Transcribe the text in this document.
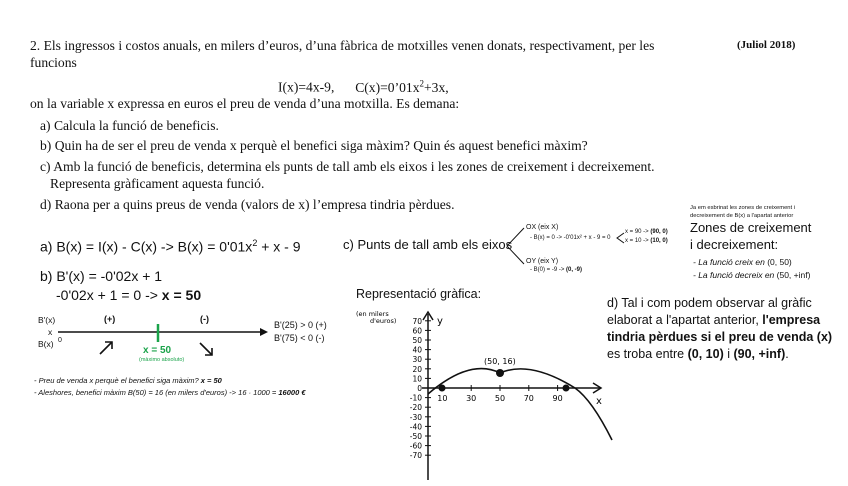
2. Els ingressos i costos anuals, en milers d’euros, d’una fàbrica de motxilles venen donats, respectivament, per les
funcions
(Juliol 2018)
I(x)=4x-9, $C(x)=0’01x^2+3x$,
on la variable x expressa en euros el preu de venda d’una motxilla. Es demana:
a) Calcula la funció de beneficis.
b) Quin ha de ser el preu de venda x perquè el benefici siga màxim? Quin és aquest benefici màxim?
c) Amb la funció de beneficis, determina els punts de tall amb els eixos i les zones de creixement i decreixement.
Representa gràficament aquesta funció.
d) Raona per a quins preus de venda (valors de x) l’empresa tindria pèrdues.
a) $B(x) = I(x) - C(x) -> B(x) = 0'01x^2 + x - 9$
b) B'(x) = -0'02x + 1
-0'02x + 1 = 0 -> x = 50
B'(x)
x
B(x) 0
(+)	(-)
B'(25) > 0 (+)
B'(75) < 0 (-)
x = 50
(màximo absoluto)
- Preu de venda x perquè el benefici siga màxim? x = 50
- Aleshores, benefici màxim B(50) = 16 (en milers d'euros) -> 16 · 1000 = 16000 €
c) Punts de tall amb els eixos
OX (eix X)
- B(x) = 0 -> -0'01x² + x - 9 = 0
x = 90 -> (90, 0)
x = 10 -> (10, 0)
OY (eix Y)
- B(0) = -9 -> (0, -9)
Ja em esbrinat les zones de creixement i
decreixement de B(x) a l'apartat anterior
Zones de creixement
i decreixement:
- La funció creix en (0, 50)
- La funció decreix en (50, +inf)
Representació gràfica:
d) Tal i com podem observar al gràfic
elaborat a l'apartat anterior, l'empresa
tindria pèrdues si el preu de venda (x)
es troba entre (0, 10) i (90, +inf).
(en milers
d'euros)	y
x
(50, 16)
70
60
50
40
30
20
10
0
-10
-20
-30
-40
-50
-60
-70
10 30 50 70 90
